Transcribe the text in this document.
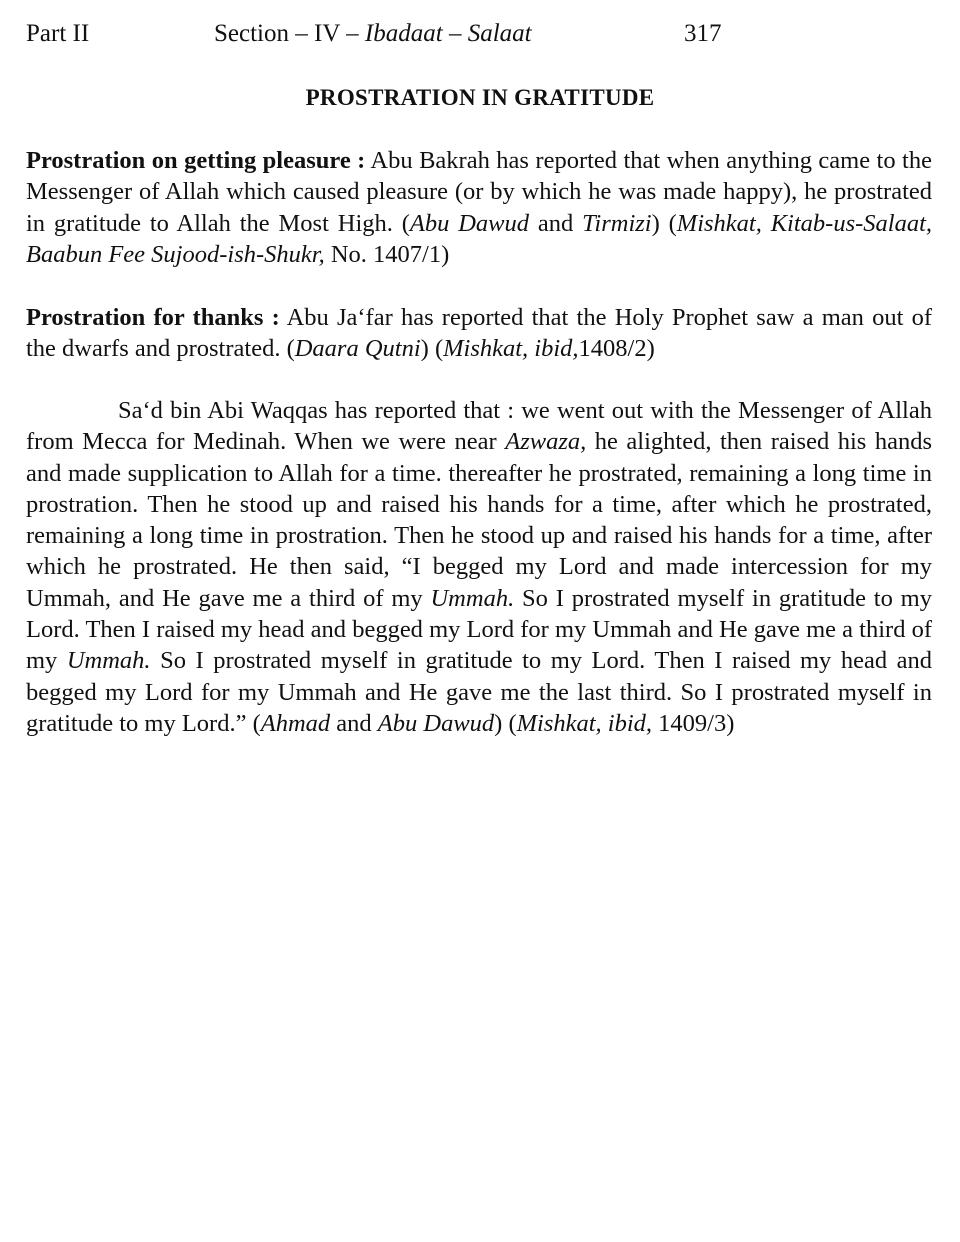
Part II	Section – IV – Ibadaat – Salaat	317
PROSTRATION IN GRATITUDE
Prostration on getting pleasure : Abu Bakrah has reported that when anything came to the Messenger of Allah which caused pleasure (or by which he was made happy), he prostrated in gratitude to Allah the Most High. (Abu Dawud and Tirmizi) (Mishkat, Kitab-us-Salaat, Baabun Fee Sujood-ish-Shukr, No. 1407/1)
Prostration for thanks : Abu Ja‘far has reported that the Holy Prophet saw a man out of the dwarfs and prostrated. (Daara Qutni) (Mishkat, ibid,1408/2)
Sa‘d bin Abi Waqqas has reported that : we went out with the Messenger of Allah from Mecca for Medinah. When we were near Azwaza, he alighted, then raised his hands and made supplication to Allah for a time. thereafter he prostrated, remaining a long time in prostration. Then he stood up and raised his hands for a time, after which he prostrated, remaining a long time in prostration. Then he stood up and raised his hands for a time, after which he prostrated. He then said, “I begged my Lord and made intercession for my Ummah, and He gave me a third of my Ummah. So I prostrated myself in gratitude to my Lord. Then I raised my head and begged my Lord for my Ummah and He gave me a third of my Ummah. So I prostrated myself in gratitude to my Lord. Then I raised my head and begged my Lord for my Ummah and He gave me the last third. So I prostrated myself in gratitude to my Lord.” (Ahmad and Abu Dawud) (Mishkat, ibid, 1409/3)
